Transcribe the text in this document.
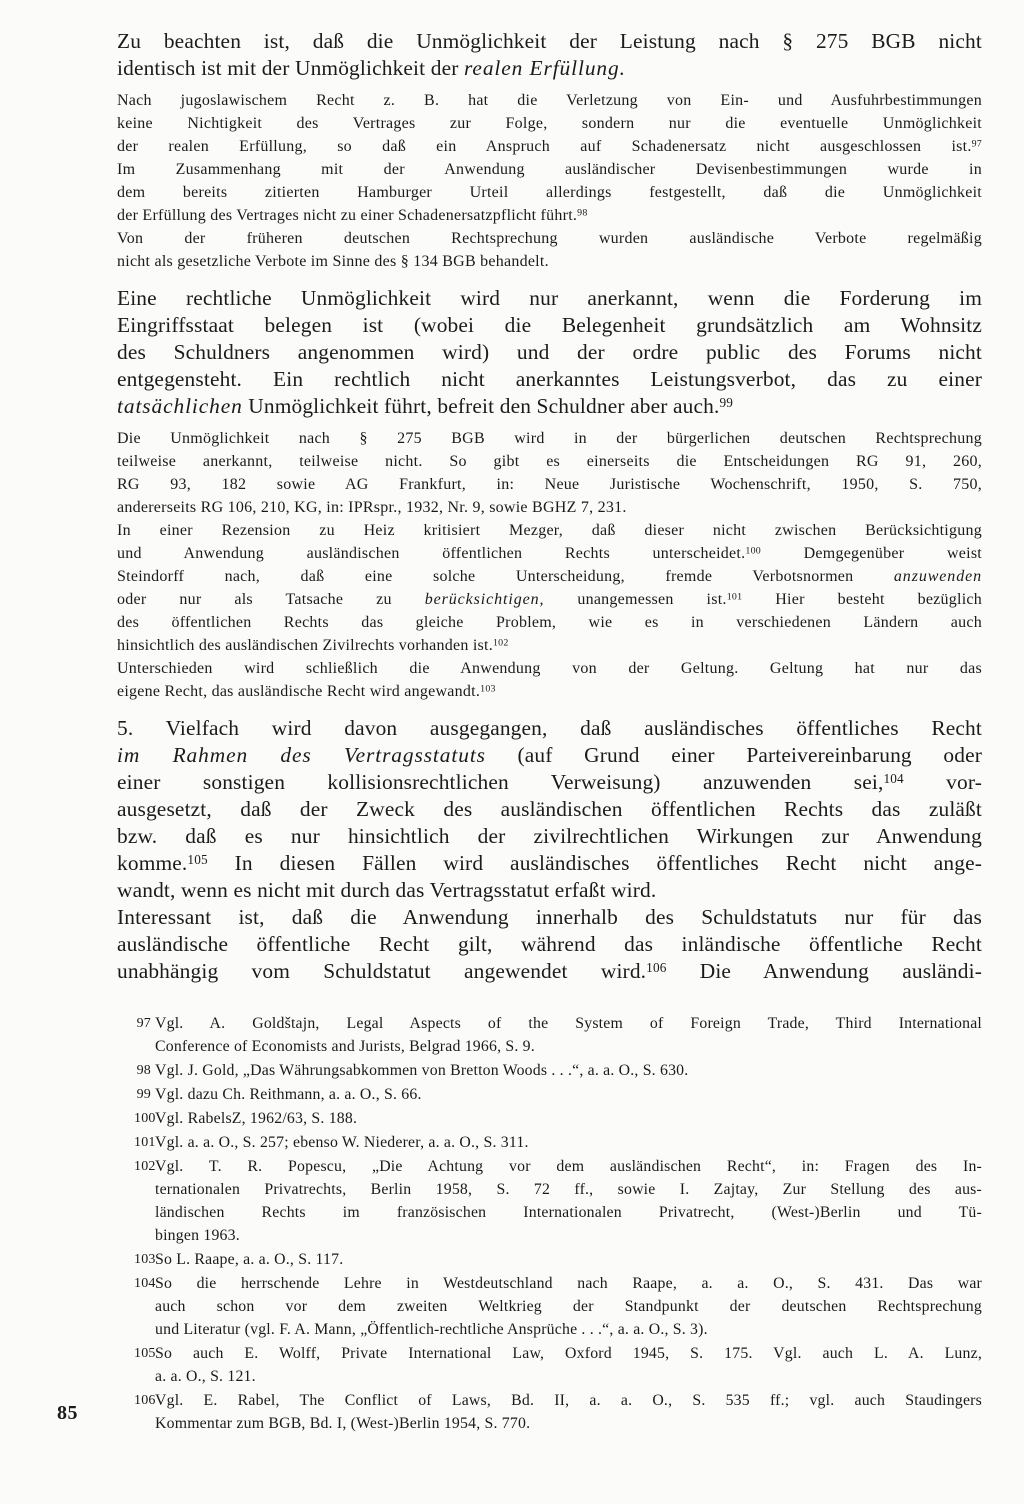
Zu beachten ist, daß die Unmöglichkeit der Leistung nach § 275 BGB nicht
identisch ist mit der Unmöglichkeit der realen Erfüllung.

Nach jugoslawischem Recht z. B. hat die Verletzung von Ein- und Ausfuhrbestimmungen
keine Nichtigkeit des Vertrages zur Folge, sondern nur die eventuelle Unmöglichkeit
der realen Erfüllung, so daß ein Anspruch auf Schadenersatz nicht ausgeschlossen ist.$^{97}$

Im Zusammenhang mit der Anwendung ausländischer Devisenbestimmungen wurde in
dem bereits zitierten Hamburger Urteil allerdings festgestellt, daß die Unmöglichkeit
der Erfüllung des Vertrages nicht zu einer Schadenersatzpflicht führt.$^{98}$

Von der früheren deutschen Rechtsprechung wurden ausländische Verbote regelmäßig
nicht als gesetzliche Verbote im Sinne des § 134 BGB behandelt.

Eine rechtliche Unmöglichkeit wird nur anerkannt, wenn die Forderung im
Eingriffsstaat belegen ist (wobei die Belegenheit grundsätzlich am Wohnsitz
des Schuldners angenommen wird) und der ordre public des Forums nicht
entgegensteht. Ein rechtlich nicht anerkanntes Leistungsverbot, das zu einer
tatsächlichen Unmöglichkeit führt, befreit den Schuldner aber auch.$^{99}$

Die Unmöglichkeit nach § 275 BGB wird in der bürgerlichen deutschen Rechtsprechung
teilweise anerkannt, teilweise nicht. So gibt es einerseits die Entscheidungen RG 91, 260,
RG 93, 182 sowie AG Frankfurt, in: Neue Juristische Wochenschrift, 1950, S. 750,
andererseits RG 106, 210, KG, in: IPRspr., 1932, Nr. 9, sowie BGHZ 7, 231.

In einer Rezension zu Heiz kritisiert Mezger, daß dieser nicht zwischen Berücksichtigung
und Anwendung ausländischen öffentlichen Rechts unterscheidet.$^{100}$ Demgegenüber weist
Steindorff nach, daß eine solche Unterscheidung, fremde Verbotsnormen anzuwenden
oder nur als Tatsache zu berücksichtigen, unangemessen ist.$^{101}$ Hier besteht bezüglich
des öffentlichen Rechts das gleiche Problem, wie es in verschiedenen Ländern auch
hinsichtlich des ausländischen Zivilrechts vorhanden ist.$^{102}$

Unterschieden wird schließlich die Anwendung von der Geltung. Geltung hat nur das
eigene Recht, das ausländische Recht wird angewandt.$^{103}$

5. Vielfach wird davon ausgegangen, daß ausländisches öffentliches Recht
im Rahmen des Vertragsstatuts (auf Grund einer Parteivereinbarung oder
einer sonstigen kollisionsrechtlichen Verweisung) anzuwenden sei,$^{104}$ vor-
ausgesetzt, daß der Zweck des ausländischen öffentlichen Rechts das zuläßt
bzw. daß es nur hinsichtlich der zivilrechtlichen Wirkungen zur Anwendung
komme.$^{105}$ In diesen Fällen wird ausländisches öffentliches Recht nicht ange-
wandt, wenn es nicht mit durch das Vertragsstatut erfaßt wird.
Interessant ist, daß die Anwendung innerhalb des Schuldstatuts nur für das
ausländische öffentliche Recht gilt, während das inländische öffentliche Recht
unabhängig vom Schuldstatut angewendet wird.$^{106}$ Die Anwendung ausländi-

97 Vgl. A. Goldštajn, Legal Aspects of the System of Foreign Trade, Third International
Conference of Economists and Jurists, Belgrad 1966, S. 9.
98 Vgl. J. Gold, „Das Währungsabkommen von Bretton Woods . . .“, a. a. O., S. 630.
99 Vgl. dazu Ch. Reithmann, a. a. O., S. 66.
100 Vgl. RabelsZ, 1962/63, S. 188.
101 Vgl. a. a. O., S. 257; ebenso W. Niederer, a. a. O., S. 311.
102 Vgl. T. R. Popescu, „Die Achtung vor dem ausländischen Recht“, in: Fragen des In-
ternationalen Privatrechts, Berlin 1958, S. 72 ff., sowie I. Zajtay, Zur Stellung des aus-
ländischen Rechts im französischen Internationalen Privatrecht, (West-)Berlin und Tü-
bingen 1963.
103 So L. Raape, a. a. O., S. 117.
104 So die herrschende Lehre in Westdeutschland nach Raape, a. a. O., S. 431. Das war
auch schon vor dem zweiten Weltkrieg der Standpunkt der deutschen Rechtsprechung
und Literatur (vgl. F. A. Mann, „Öffentlich-rechtliche Ansprüche . . .“, a. a. O., S. 3).
105 So auch E. Wolff, Private International Law, Oxford 1945, S. 175. Vgl. auch L. A. Lunz,
a. a. O., S. 121.
106 Vgl. E. Rabel, The Conflict of Laws, Bd. II, a. a. O., S. 535 ff.; vgl. auch Staudingers
Kommentar zum BGB, Bd. I, (West-)Berlin 1954, S. 770.
85
